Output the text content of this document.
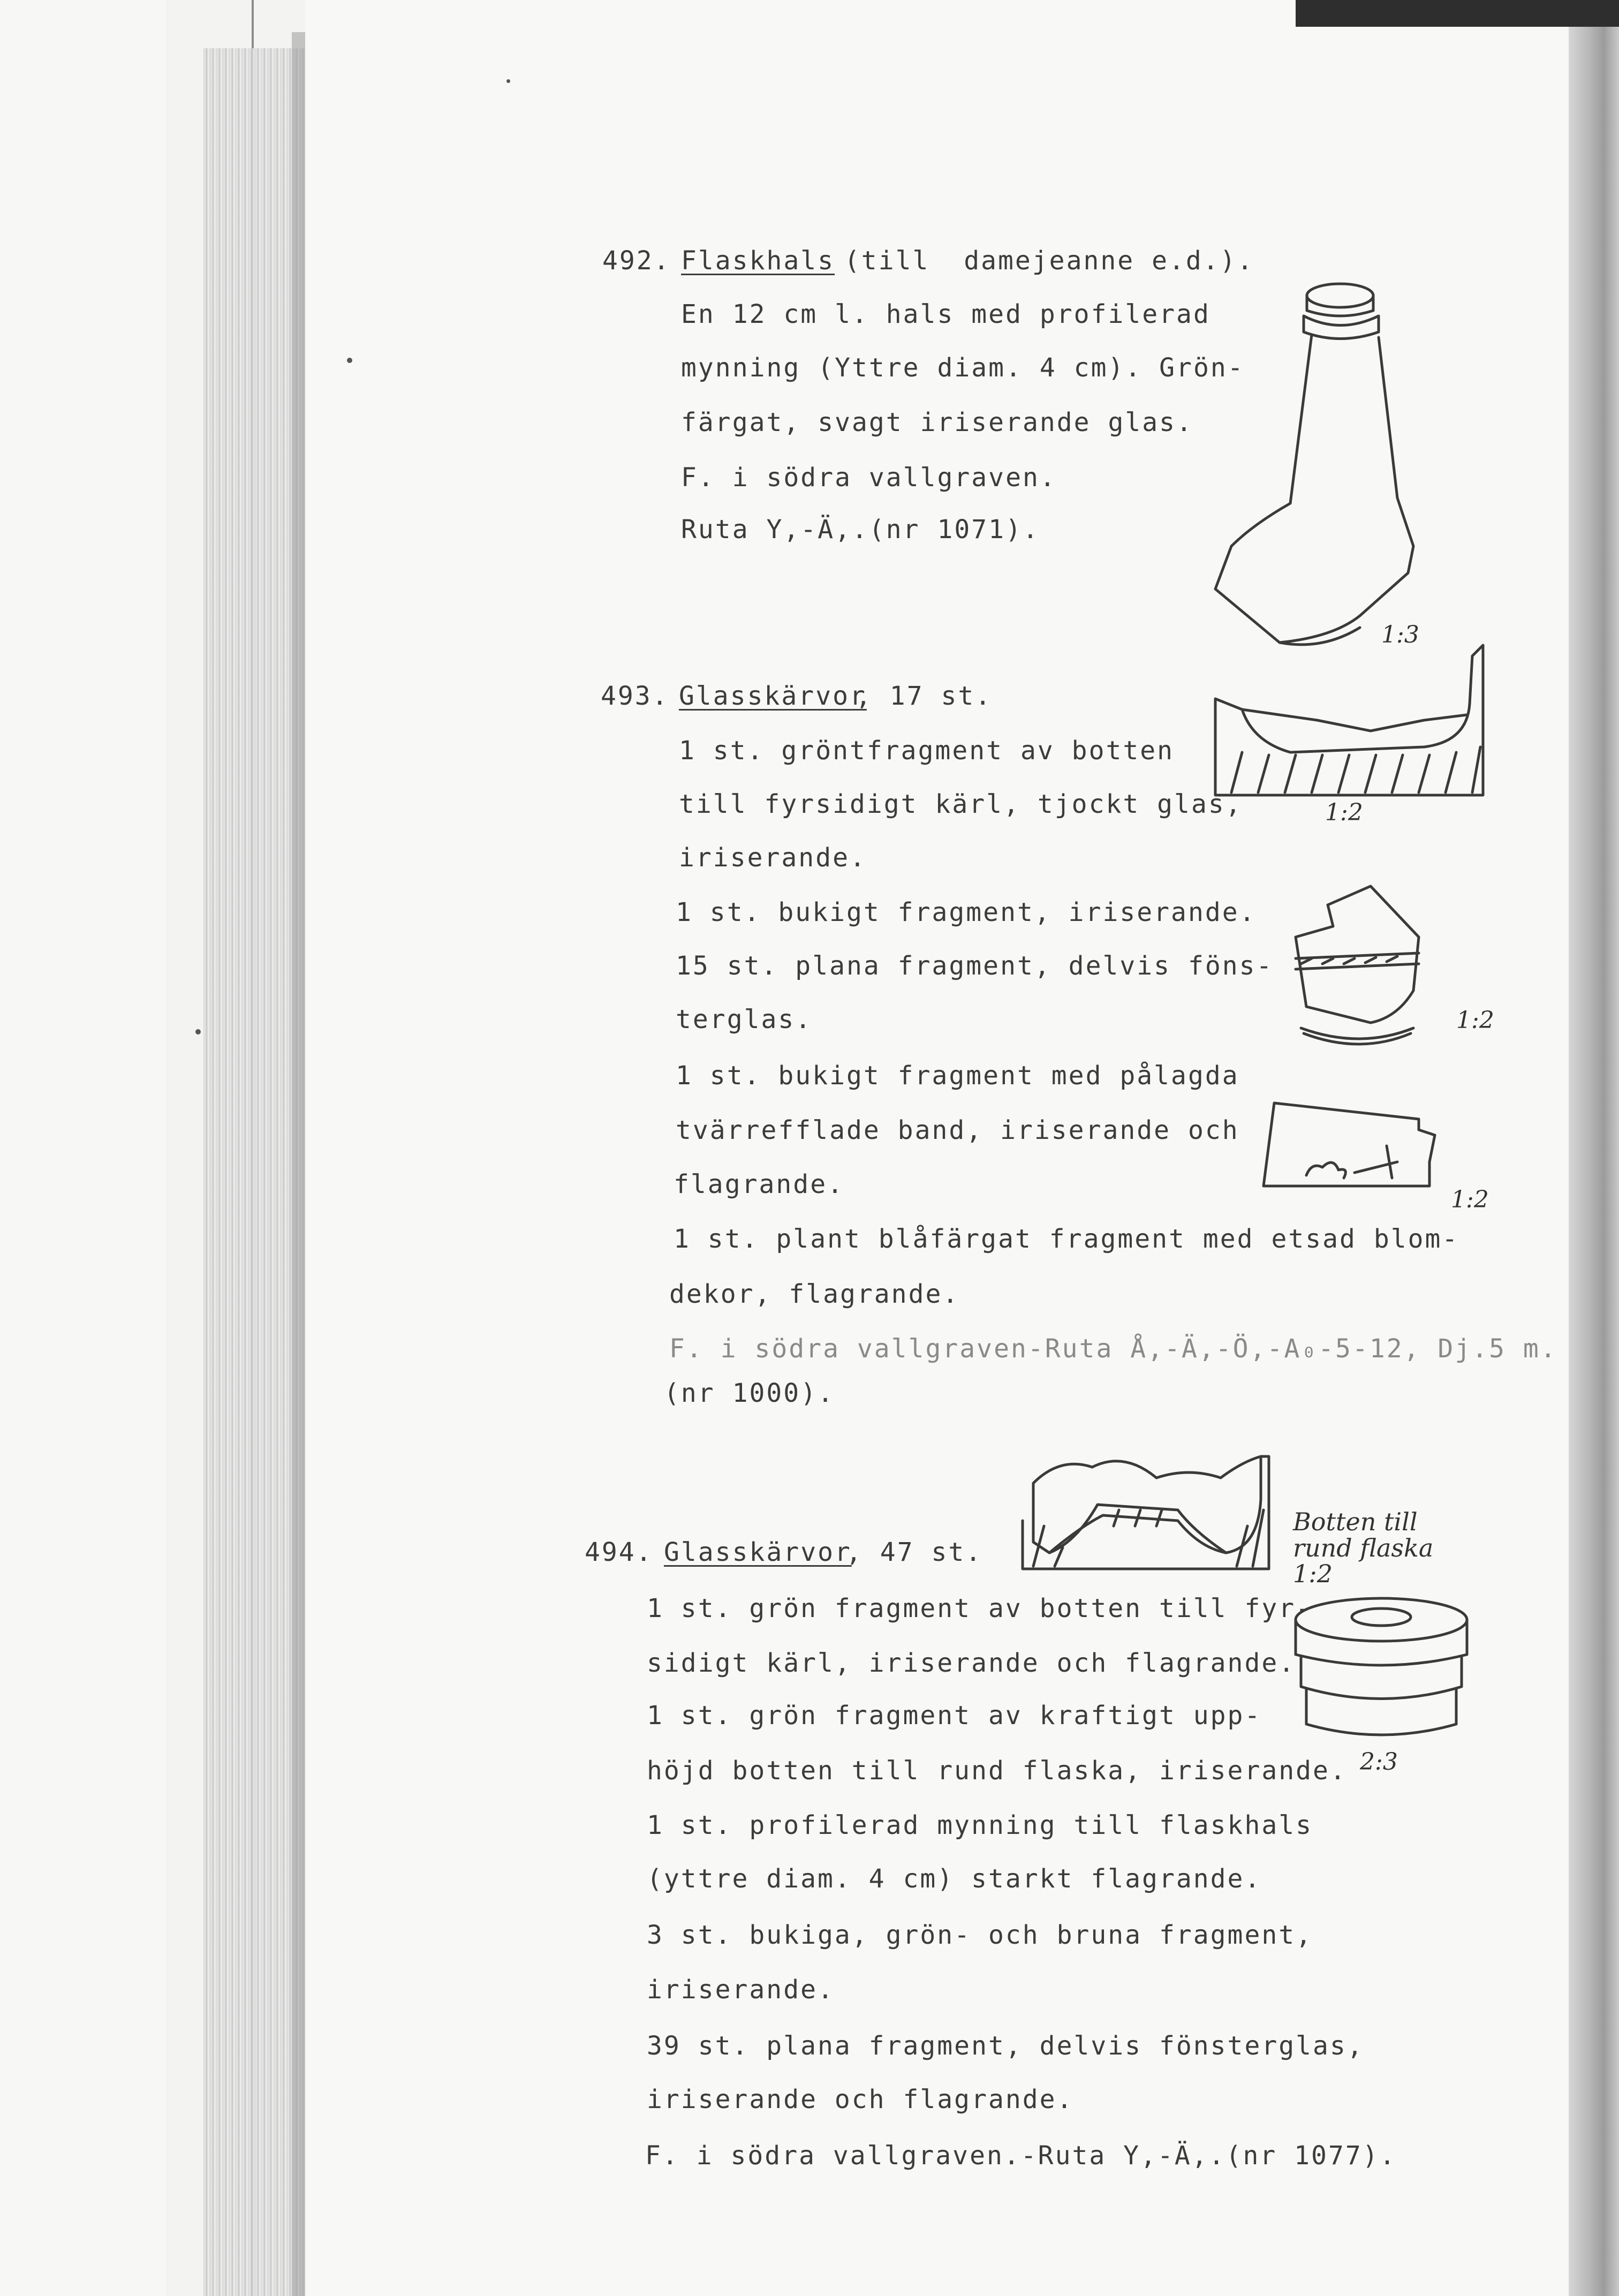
492. Flaskhals
(till  damejeanne e.d.).
En 12 cm l. hals med profilerad
mynning (Yttre diam. 4 cm). Grön-
färgat, svagt iriserande glas.
F. i södra vallgraven.
Ruta Y,-Ä,.(nr 1071).
1:3
493. Glasskärvor
, 17 st.
1 st. gröntfragment av botten
till fyrsidigt kärl, tjockt glas,
iriserande.
1 st. bukigt fragment, iriserande.
15 st. plana fragment, delvis föns-
terglas.
1 st. bukigt fragment med pålagda
tvärrefflade band, iriserande och
flagrande.
1 st. plant blåfärgat fragment med etsad blom-
dekor, flagrande.
F. i södra vallgraven-Ruta Å,-Ä,-Ö,-A₀-5-12, Dj.5 m.
(nr 1000).
1:2
1:2
1:2
494. Glasskärvor
, 47 st.
1 st. grön fragment av botten till fyr-
sidigt kärl, iriserande och flagrande.
1 st. grön fragment av kraftigt upp-
höjd botten till rund flaska, iriserande.
1 st. profilerad mynning till flaskhals
(yttre diam. 4 cm) starkt flagrande.
3 st. bukiga, grön- och bruna fragment,
iriserande.
39 st. plana fragment, delvis fönsterglas,
iriserande och flagrande.
F. i södra vallgraven.-Ruta Y,-Ä,.(nr 1077).

Botten till
rund flaska
1:2

2:3
